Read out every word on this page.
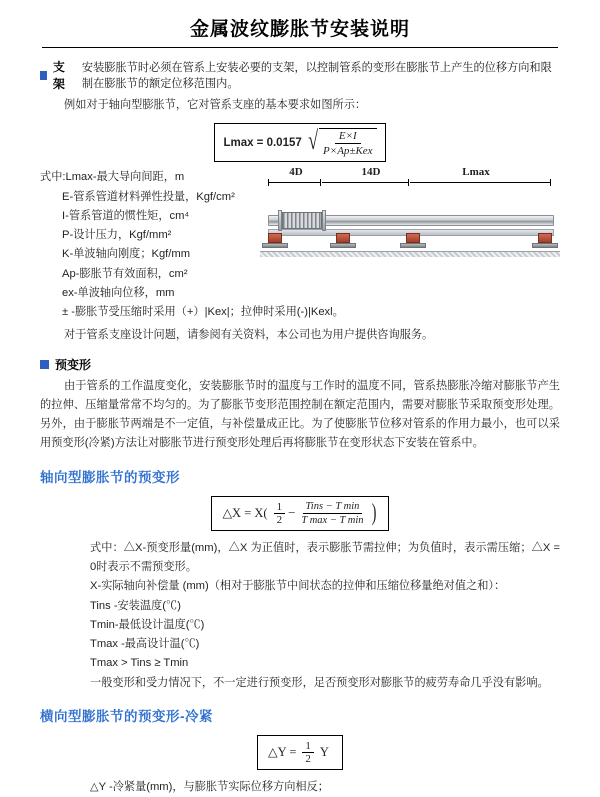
金属波纹膨胀节安装说明
支架
安装膨胀节时必须在管系上安装必要的支架，以控制管系的变形在膨胀节上产生的位移方向和限制在膨胀节的额定位移范围内。

例如对于轴向型膨胀节，它对管系支座的基本要求如图所示：

Lmax = 0.0157 √ $\frac{E\times I}{\text{P×Ap±Kex}}$
4D	14D	Lmax

式中:Lmax-最大导向间距，m

E-管系管道材料弹性投量，Kgf/cm²

I-管系管道的惯性矩，cm⁴

P-设计压力，Kgf/mm²

K-单波轴向刚度；Kgf/mm

Ap-膨胀节有效面积，cm²

ex-单波轴向位移，mm

± -膨胀节受压缩时采用（+）|Kex|；拉伸时采用(-)|Kexl。

对于管系支座设计问题，请参阅有关资料，本公司也为用户提供咨询服务。

预变形

由于管系的工作温度变化，安装膨胀节时的温度与工作时的温度不同，管系热膨胀冷缩对膨胀节产生的拉伸、压缩量常常不均匀的。为了膨胀节变形范围控制在额定范围内，需要对膨胀节采取预变形处理。另外，由于膨胀节两端是不一定值，与补偿量成正比。为了使膨胀节位移对管系的作用力最小，也可以采用预变形(冷紧)方法让对膨胀节进行预变形处理后再将膨胀节在变形状态下安装在管系中。

轴向型膨胀节的预变形
△X = $X( \frac{1}{2}$ − Tins − T min
T max − T min )

式中：△X-预变形量(mm)，△X 为正值时，表示膨胀节需拉伸；为负值时，表示需压缩；△X = 0时表示不需预变形。

X-实际轴向补偿量 (mm)（相对于膨胀节中间状态的拉伸和压缩位移量绝对值之和）：

Tins -安装温度(℃)

Tmin-最低设计温度(℃)

Tmax -最高设计温(℃)

Tmax > Tins ≥ Tmin

一般变形和受力情况下，不一定进行预变形，足否预变形对膨胀节的疲劳寿命几乎没有影响。

横向型膨胀节的预变形-冷紧
△Y = $\frac{1}{2}$ Y

△Y -冷紧量(mm)，与膨胀节实际位移方向相反；
